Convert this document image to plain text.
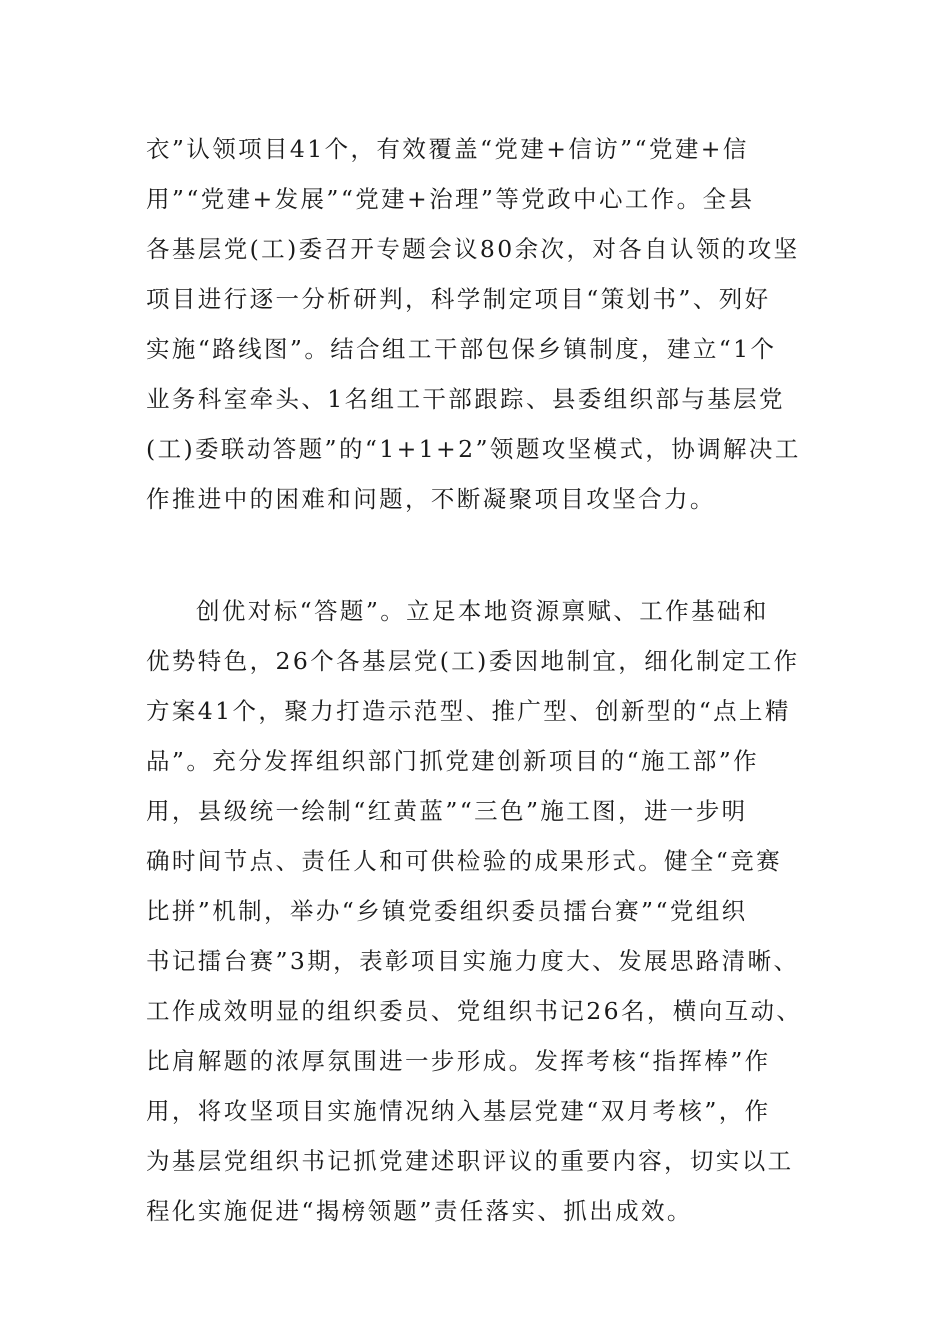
衣”认领项目41个，有效覆盖“党建+信访”“党建+信
用”“党建+发展”“党建+治理”等党政中心工作。全县
各基层党(工)委召开专题会议80余次，对各自认领的攻坚
项目进行逐一分析研判，科学制定项目“策划书”、列好
实施“路线图”。结合组工干部包保乡镇制度，建立“1个
业务科室牵头、1名组工干部跟踪、县委组织部与基层党
(工)委联动答题”的“1+1+2”领题攻坚模式，协调解决工
作推进中的困难和问题，不断凝聚项目攻坚合力。
创优对标“答题”。立足本地资源禀赋、工作基础和
优势特色，26个各基层党(工)委因地制宜，细化制定工作
方案41个，聚力打造示范型、推广型、创新型的“点上精
品”。充分发挥组织部门抓党建创新项目的“施工部”作
用，县级统一绘制“红黄蓝”“三色”施工图，进一步明
确时间节点、责任人和可供检验的成果形式。健全“竞赛
比拼”机制，举办“乡镇党委组织委员擂台赛”“党组织
书记擂台赛”3期，表彰项目实施力度大、发展思路清晰、
工作成效明显的组织委员、党组织书记26名，横向互动、
比肩解题的浓厚氛围进一步形成。发挥考核“指挥棒”作
用，将攻坚项目实施情况纳入基层党建“双月考核”，作
为基层党组织书记抓党建述职评议的重要内容，切实以工
程化实施促进“揭榜领题”责任落实、抓出成效。
